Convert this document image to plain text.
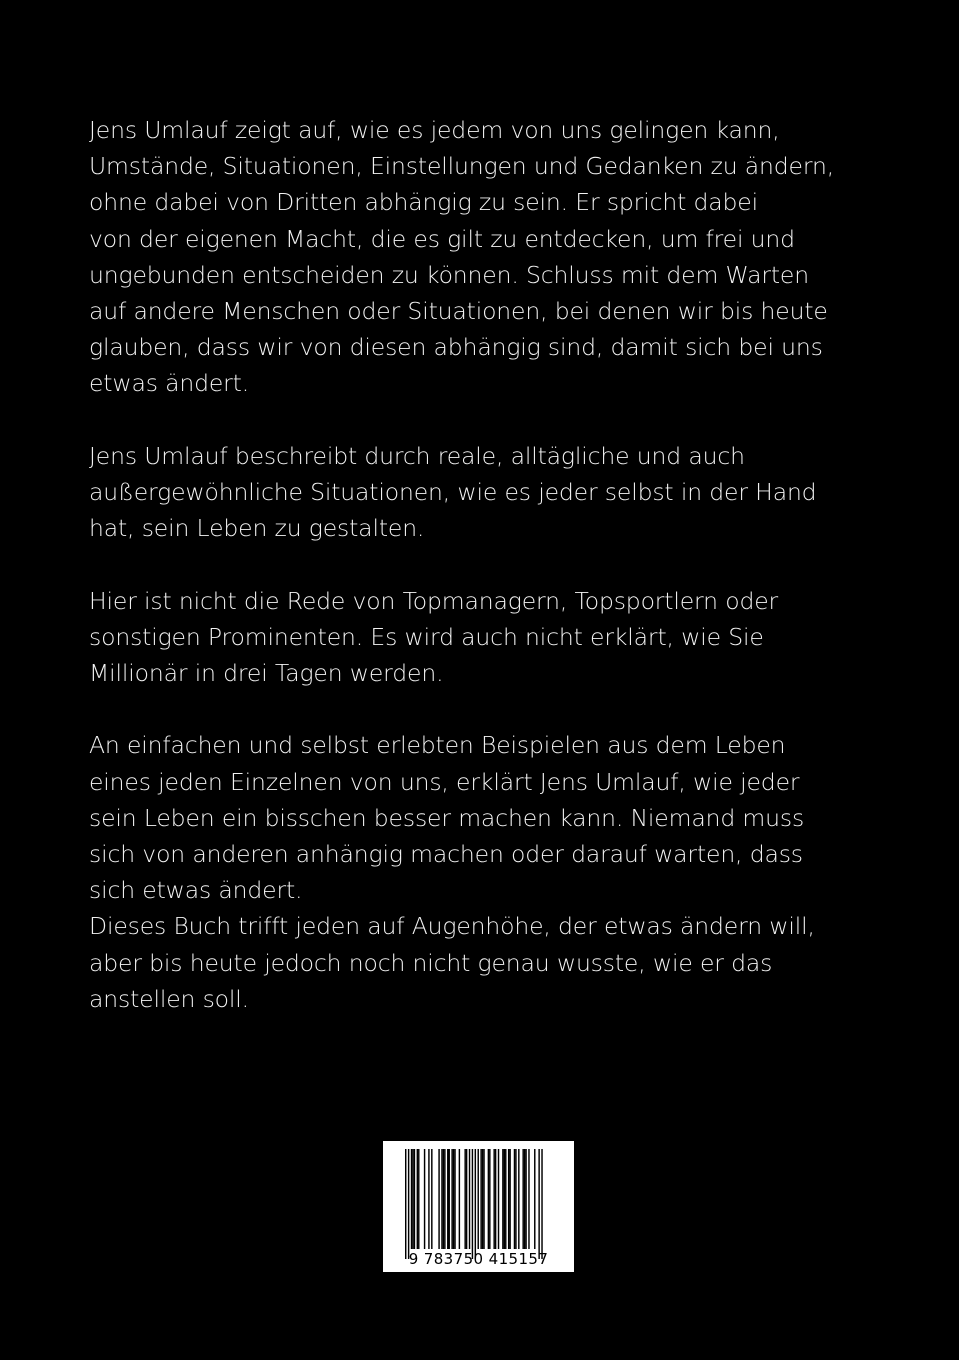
Jens Umlauf zeigt auf, wie es jedem von uns gelingen kann,
Umstände, Situationen, Einstellungen und Gedanken zu ändern,
ohne dabei von Dritten abhängig zu sein. Er spricht dabei
von der eigenen Macht, die es gilt zu entdecken, um frei und
ungebunden entscheiden zu können. Schluss mit dem Warten
auf andere Menschen oder Situationen, bei denen wir bis heute
glauben, dass wir von diesen abhängig sind, damit sich bei uns
etwas ändert.

Jens Umlauf beschreibt durch reale, alltägliche und auch
außergewöhnliche Situationen, wie es jeder selbst in der Hand
hat, sein Leben zu gestalten.

Hier ist nicht die Rede von Topmanagern, Topsportlern oder
sonstigen Prominenten. Es wird auch nicht erklärt, wie Sie
Millionär in drei Tagen werden.

An einfachen und selbst erlebten Beispielen aus dem Leben
eines jeden Einzelnen von uns, erklärt Jens Umlauf, wie jeder
sein Leben ein bisschen besser machen kann. Niemand muss
sich von anderen anhängig machen oder darauf warten, dass
sich etwas ändert.

Dieses Buch trifft jeden auf Augenhöhe, der etwas ändern will,
aber bis heute jedoch noch nicht genau wusste, wie er das
anstellen soll.

9 783750 415157
